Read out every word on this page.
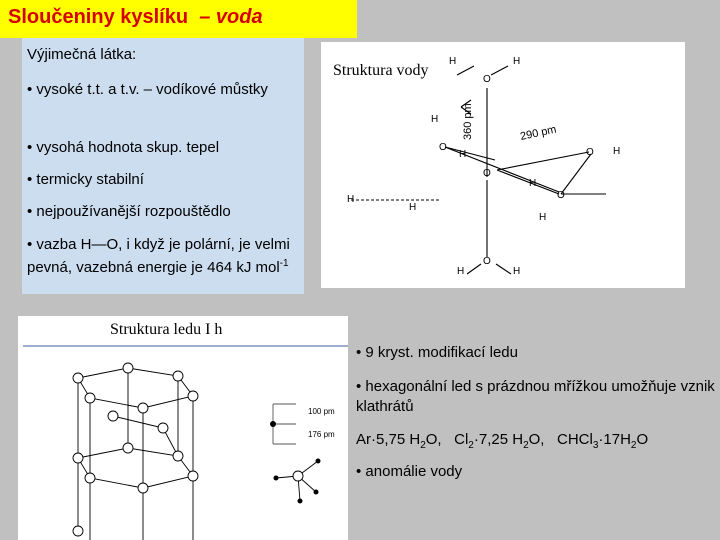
Sloučeniny kyslíku – voda
Výjimečná látka:
• vysoké t.t. a t.v. – vodíkové můstky
• vysohá hodnota skup. tepel
• termicky stabilní
• nejpoužívanější rozpouštědlo
• vazba H—O, i když je polární, je velmi pevná, vazebná energie je 464 kJ mol$^{-1}$
Struktura vody
H	H
O
H
O
H
O
O H
O
H
H
H
H
O
H	H
360 pm	290 pm
Struktura ledu I h
100 pm
176 pm
• 9 kryst. modifikací ledu
• hexagonální led s prázdnou mřížkou umožňuje vznik klathrátů
Ar·5,75 $H_2O$, $Cl_2\cdot 7,25$ $H_2O$, $CHCl_3\cdot 17H_2O$
• anomálie vody
